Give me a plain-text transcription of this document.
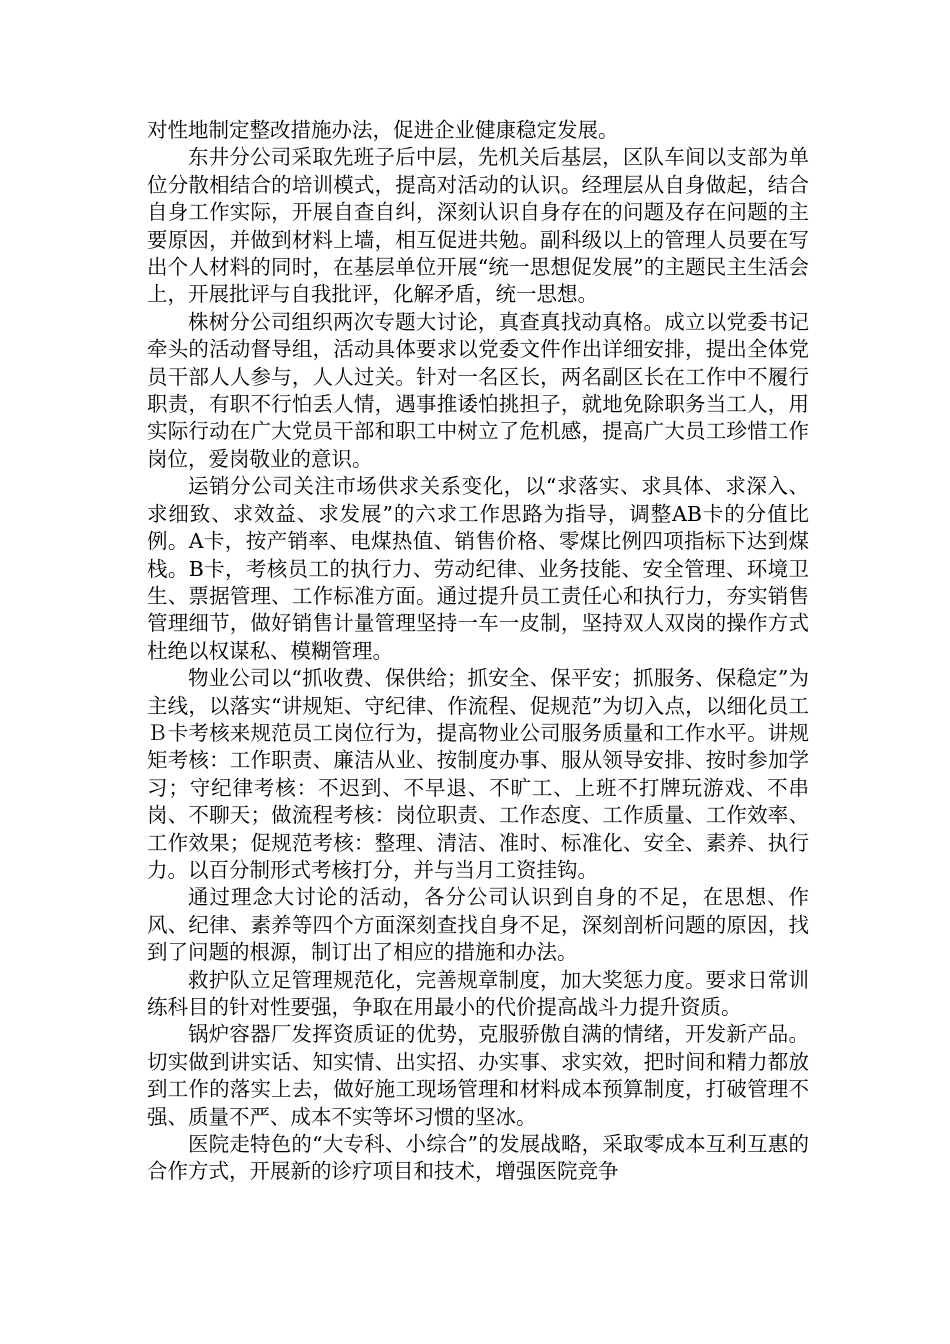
对性地制定整改措施办法，促进企业健康稳定发展。

东井分公司采取先班子后中层，先机关后基层，区队车间以支部为单位分散相结合的培训模式，提高对活动的认识。经理层从自身做起，结合自身工作实际，开展自查自纠，深刻认识自身存在的问题及存在问题的主要原因，并做到材料上墙，相互促进共勉。副科级以上的管理人员要在写出个人材料的同时，在基层单位开展“统一思想促发展”的主题民主生活会上，开展批评与自我批评，化解矛盾，统一思想。

株树分公司组织两次专题大讨论，真查真找动真格。成立以党委书记牵头的活动督导组，活动具体要求以党委文件作出详细安排，提出全体党员干部人人参与，人人过关。针对一名区长，两名副区长在工作中不履行职责，有职不行怕丢人情，遇事推诿怕挑担子，就地免除职务当工人，用实际行动在广大党员干部和职工中树立了危机感，提高广大员工珍惜工作岗位，爱岗敬业的意识。

运销分公司关注市场供求关系变化，以“求落实、求具体、求深入、求细致、求效益、求发展”的六求工作思路为指导，调整AB卡的分值比例。A卡，按产销率、电煤热值、销售价格、零煤比例四项指标下达到煤栈。B卡，考核员工的执行力、劳动纪律、业务技能、安全管理、环境卫生、票据管理、工作标准方面。通过提升员工责任心和执行力，夯实销售管理细节，做好销售计量管理坚持一车一皮制，坚持双人双岗的操作方式杜绝以权谋私、模糊管理。

物业公司以“抓收费、保供给；抓安全、保平安；抓服务、保稳定”为主线，以落实“讲规矩、守纪律、作流程、促规范”为切入点，以细化员工Ｂ卡考核来规范员工岗位行为，提高物业公司服务质量和工作水平。讲规矩考核：工作职责、廉洁从业、按制度办事、服从领导安排、按时参加学习；守纪律考核：不迟到、不早退、不旷工、上班不打牌玩游戏、不串岗、不聊天；做流程考核：岗位职责、工作态度、工作质量、工作效率、工作效果；促规范考核：整理、清洁、准时、标准化、安全、素养、执行力。以百分制形式考核打分，并与当月工资挂钩。

通过理念大讨论的活动，各分公司认识到自身的不足，在思想、作风、纪律、素养等四个方面深刻查找自身不足，深刻剖析问题的原因，找到了问题的根源，制订出了相应的措施和办法。

救护队立足管理规范化，完善规章制度，加大奖惩力度。要求日常训练科目的针对性要强，争取在用最小的代价提高战斗力提升资质。

锅炉容器厂发挥资质证的优势，克服骄傲自满的情绪，开发新产品。切实做到讲实话、知实情、出实招、办实事、求实效，把时间和精力都放到工作的落实上去，做好施工现场管理和材料成本预算制度，打破管理不强、质量不严、成本不实等坏习惯的坚冰。

医院走特色的“大专科、小综合”的发展战略，采取零成本互利互惠的合作方式，开展新的诊疗项目和技术，增强医院竞争
